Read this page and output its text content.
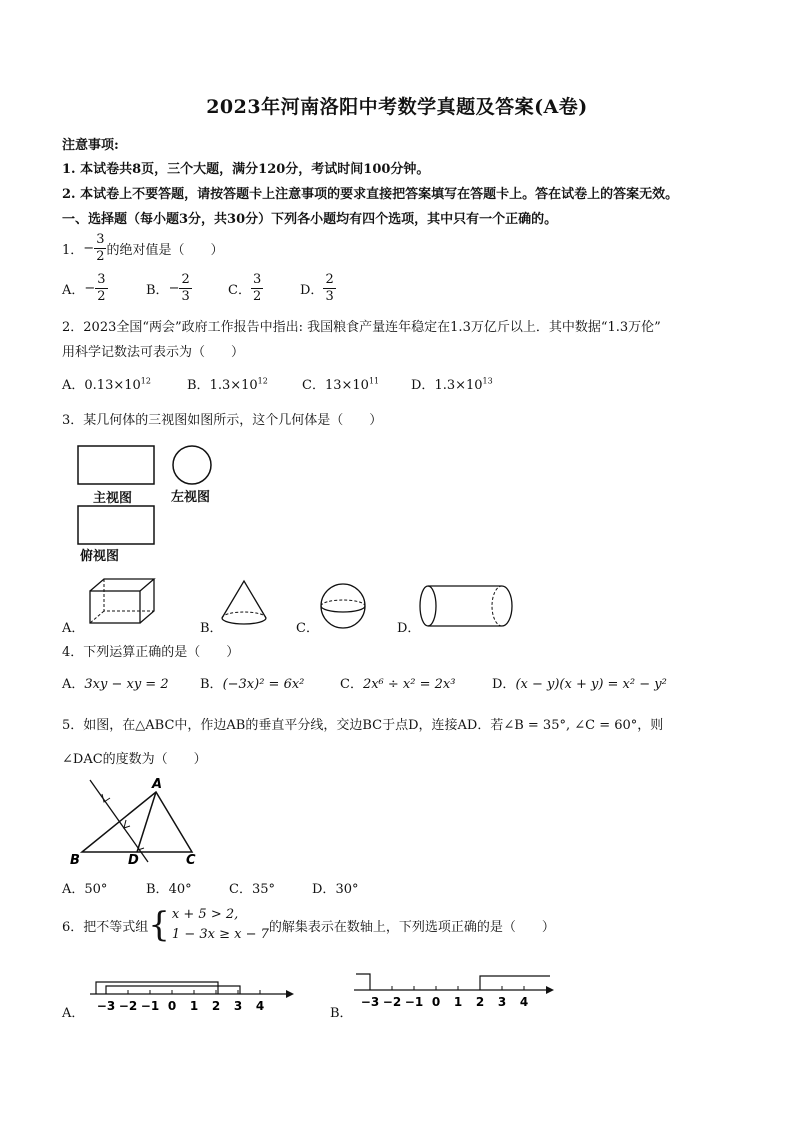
2023年河南洛阳中考数学真题及答案(A卷)
注意事项:
1. 本试卷共8页，三个大题，满分120分，考试时间100分钟。
2. 本试卷上不要答题，请按答题卡上注意事项的要求直接把答案填写在答题卡上。答在试卷上的答案无效。
一、选择题（每小题3分，共30分）下列各小题均有四个选项，其中只有一个正确的。
1． − $\frac{3}{2}$ 的绝对值是（　　）
A． − $\frac{3}{2}$	B． − $\frac{2}{3}$	C． $\frac{3}{2}$	D． $\frac{2}{3}$
2．2023全国“两会”政府工作报告中指出: 我国粮食产量连年稳定在1.3万亿斤以上．其中数据“1.3万伦”
用科学记数法可表示为（　　）
A．$0.13\times 10^{12}$	B．$1.3\times 10^{12}$	C．$13\times 10^{11}$ D．$1.3\times 10^{13}$
3．某几何体的三视图如图所示，这个几何体是（　　）
主视图	左视图
俯视图
A．	B．	C．	D．
4．下列运算正确的是（　　）
A．3xy − xy = 2 B．(−3x)² = 6x²	C．2x⁶ ÷ x² = 2x³	D．(x − y)(x + y) = x² − y²
5．如图，在△ABC中，作边AB的垂直平分线，交边BC于点D，连接AD．若∠B = 35°, ∠C = 60°，则
∠DAC的度数为（　　）
A
B	D	C
A．50°	B．40°	C．35°	D．30°
6．把不等式组 { x + 5 > 2,
1 − 3x ≥ x − 7 的解集表示在数轴上，下列选项正确的是（　　）
A． −3 −2 −1 0 1 2 3 4	B．
−3 −2 −1 0 1 2 3 4
